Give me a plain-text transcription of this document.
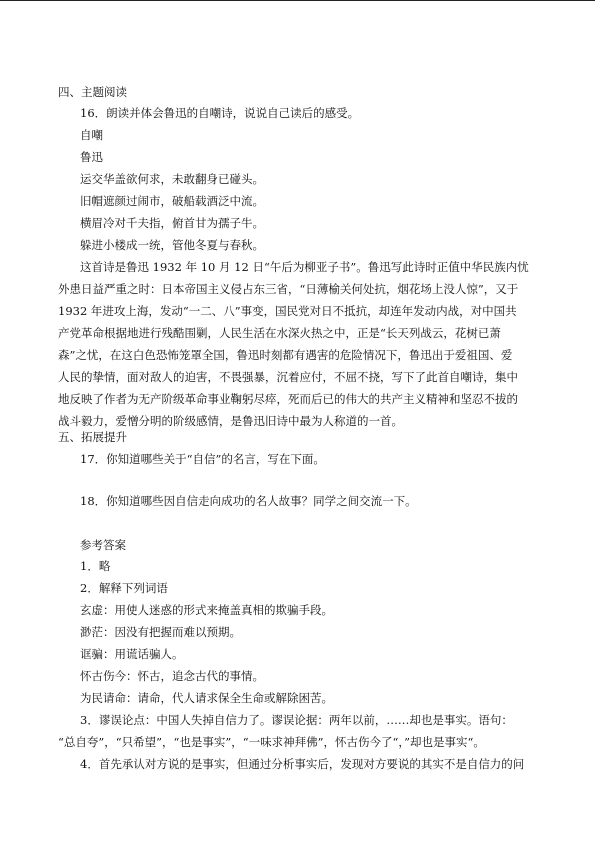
四、主题阅读
16．朗读并体会鲁迅的自嘲诗，说说自己读后的感受。
自嘲
鲁迅
运交华盖欲何求，未敢翻身已碰头。
旧帽遮颜过闹市，破船载酒泛中流。
横眉冷对千夫指，俯首甘为孺子牛。
躲进小楼成一统，管他冬夏与春秋。
这首诗是鲁迅 1932 年 10 月 12 日“午后为柳亚子书”。鲁迅写此诗时正值中华民族内忧
外患日益严重之时：日本帝国主义侵占东三省，“日薄榆关何处抗，烟花场上没人惊”，又于
1932 年进攻上海，发动“一二、八”事变，国民党对日不抵抗，却连年发动内战，对中国共
产党革命根据地进行残酷围剿，人民生活在水深火热之中，正是“长天列战云，花树已萧
森”之忧，在这白色恐怖笼罩全国，鲁迅时刻都有遇害的危险情况下，鲁迅出于爱祖国、爱
人民的挚情，面对敌人的迫害，不畏强暴，沉着应付，不屈不挠，写下了此首自嘲诗，集中
地反映了作者为无产阶级革命事业鞠躬尽瘁，死而后已的伟大的共产主义精神和坚忍不拔的
战斗毅力，爱憎分明的阶级感情，是鲁迅旧诗中最为人称道的一首。
五、拓展提升
17．你知道哪些关于“自信”的名言，写在下面。
18．你知道哪些因自信走向成功的名人故事？同学之间交流一下。
参考答案
1．略
2．解释下列词语
玄虚：用使人迷惑的形式来掩盖真相的欺骗手段。
渺茫：因没有把握而难以预期。
诓骗：用谎话骗人。
怀古伤今：怀古，追念古代的事情。
为民请命：请命，代人请求保全生命或解除困苦。
3．谬误论点：中国人失掉自信力了。谬误论据：两年以前，……却也是事实。语句：
“总自夸”，“只希望”，“也是事实”，“一味求神拜佛”，怀古伤今了“，”却也是事实“。
4．首先承认对方说的是事实，但通过分析事实后，发现对方要说的其实不是自信力的问
